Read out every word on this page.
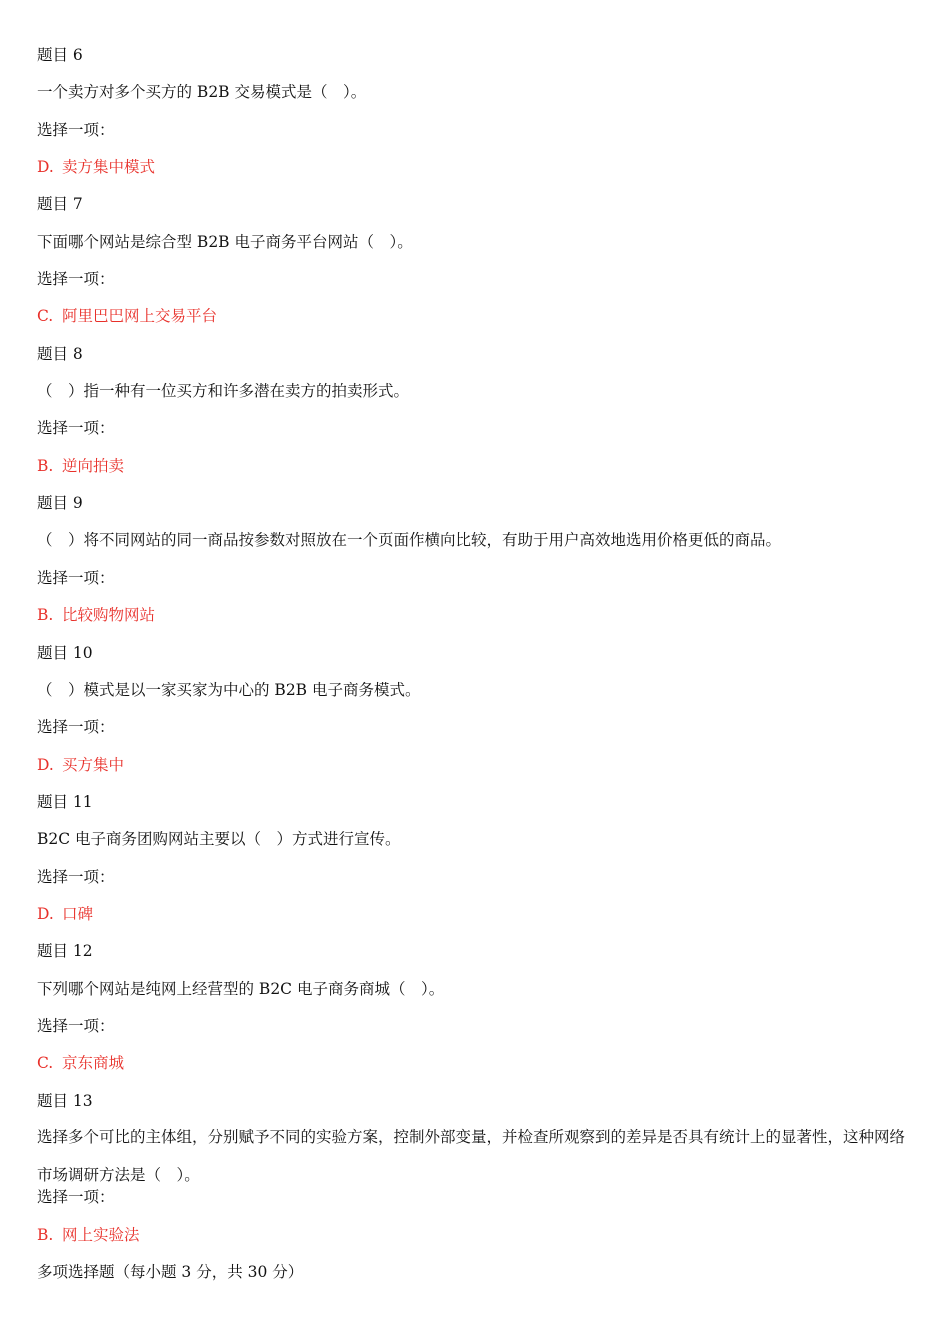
题目 6

一个卖方对多个买方的 B2B 交易模式是（　）。

选择一项：

D. 卖方集中模式

题目 7

下面哪个网站是综合型 B2B 电子商务平台网站（　）。

选择一项：

C. 阿里巴巴网上交易平台

题目 8

（　）指一种有一位买方和许多潜在卖方的拍卖形式。

选择一项：

B. 逆向拍卖

题目 9

（　）将不同网站的同一商品按参数对照放在一个页面作横向比较，有助于用户高效地选用价格更低的商品。

选择一项：

B. 比较购物网站

题目 10

（　）模式是以一家买家为中心的 B2B 电子商务模式。

选择一项：

D. 买方集中

题目 11

B2C 电子商务团购网站主要以（　）方式进行宣传。

选择一项：

D. 口碑

题目 12

下列哪个网站是纯网上经营型的 B2C 电子商务商城（　）。

选择一项：

C. 京东商城

题目 13

选择多个可比的主体组，分别赋予不同的实验方案，控制外部变量，并检查所观察到的差异是否具有统计上的显著性，这种网络市场调研方法是（　）。

选择一项：

B. 网上实验法

多项选择题（每小题 3 分，共 30 分）
